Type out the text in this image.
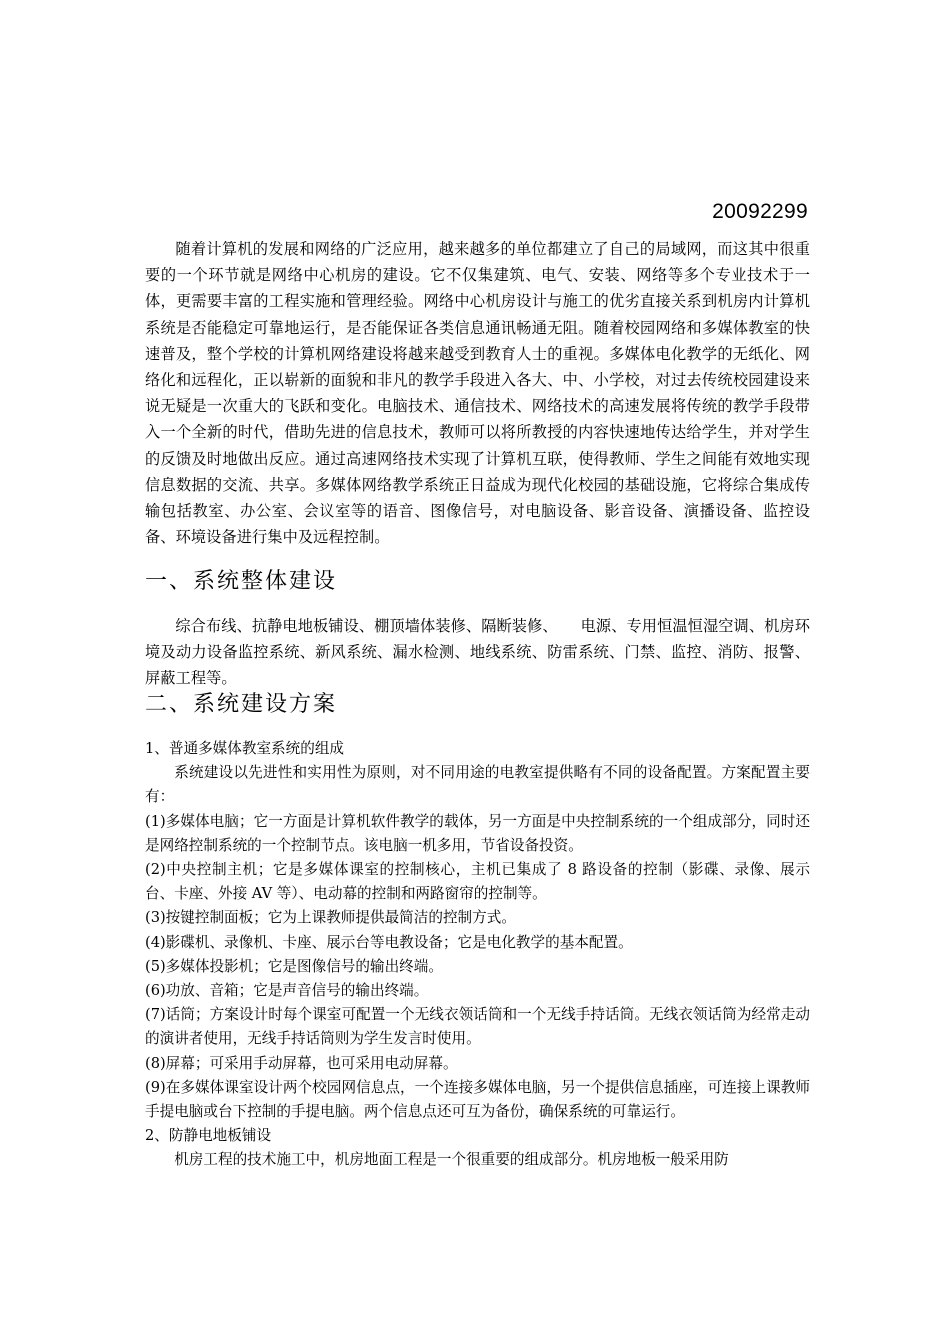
20092299

随着计算机的发展和网络的广泛应用，越来越多的单位都建立了自己的局域网，而这其中很重要的一个环节就是网络中心机房的建设。它不仅集建筑、电气、安装、网络等多个专业技术于一体，更需要丰富的工程实施和管理经验。网络中心机房设计与施工的优劣直接关系到机房内计算机系统是否能稳定可靠地运行，是否能保证各类信息通讯畅通无阻。随着校园网络和多媒体教室的快速普及，整个学校的计算机网络建设将越来越受到教育人士的重视。多媒体电化教学的无纸化、网络化和远程化，正以崭新的面貌和非凡的教学手段进入各大、中、小学校，对过去传统校园建设来说无疑是一次重大的飞跃和变化。电脑技术、通信技术、网络技术的高速发展将传统的教学手段带入一个全新的时代，借助先进的信息技术，教师可以将所教授的内容快速地传达给学生，并对学生的反馈及时地做出反应。通过高速网络技术实现了计算机互联，使得教师、学生之间能有效地实现信息数据的交流、共享。多媒体网络教学系统正日益成为现代化校园的基础设施，它将综合集成传输包括教室、办公室、会议室等的语音、图像信号，对电脑设备、影音设备、演播设备、监控设备、环境设备进行集中及远程控制。

一、系统整体建设

综合布线、抗静电地板铺设、棚顶墙体装修、隔断装修、　　电源、专用恒温恒湿空调、机房环境及动力设备监控系统、新风系统、漏水检测、地线系统、防雷系统、门禁、监控、消防、报警、屏蔽工程等。

二、系统建设方案

1、普通多媒体教室系统的组成

系统建设以先进性和实用性为原则，对不同用途的电教室提供略有不同的设备配置。方案配置主要有：

(1)多媒体电脑；它一方面是计算机软件教学的载体，另一方面是中央控制系统的一个组成部分，同时还是网络控制系统的一个控制节点。该电脑一机多用，节省设备投资。

(2)中央控制主机；它是多媒体课室的控制核心，主机已集成了 8 路设备的控制（影碟、录像、展示台、卡座、外接 AV 等）、电动幕的控制和两路窗帘的控制等。

(3)按键控制面板；它为上课教师提供最简洁的控制方式。

(4)影碟机、录像机、卡座、展示台等电教设备；它是电化教学的基本配置。

(5)多媒体投影机；它是图像信号的输出终端。

(6)功放、音箱；它是声音信号的输出终端。

(7)话筒；方案设计时每个课室可配置一个无线衣领话筒和一个无线手持话筒。无线衣领话筒为经常走动的演讲者使用，无线手持话筒则为学生发言时使用。

(8)屏幕；可采用手动屏幕，也可采用电动屏幕。

(9)在多媒体课室设计两个校园网信息点，一个连接多媒体电脑，另一个提供信息插座，可连接上课教师手提电脑或台下控制的手提电脑。两个信息点还可互为备份，确保系统的可靠运行。

2、防静电地板铺设

机房工程的技术施工中，机房地面工程是一个很重要的组成部分。机房地板一般采用防
